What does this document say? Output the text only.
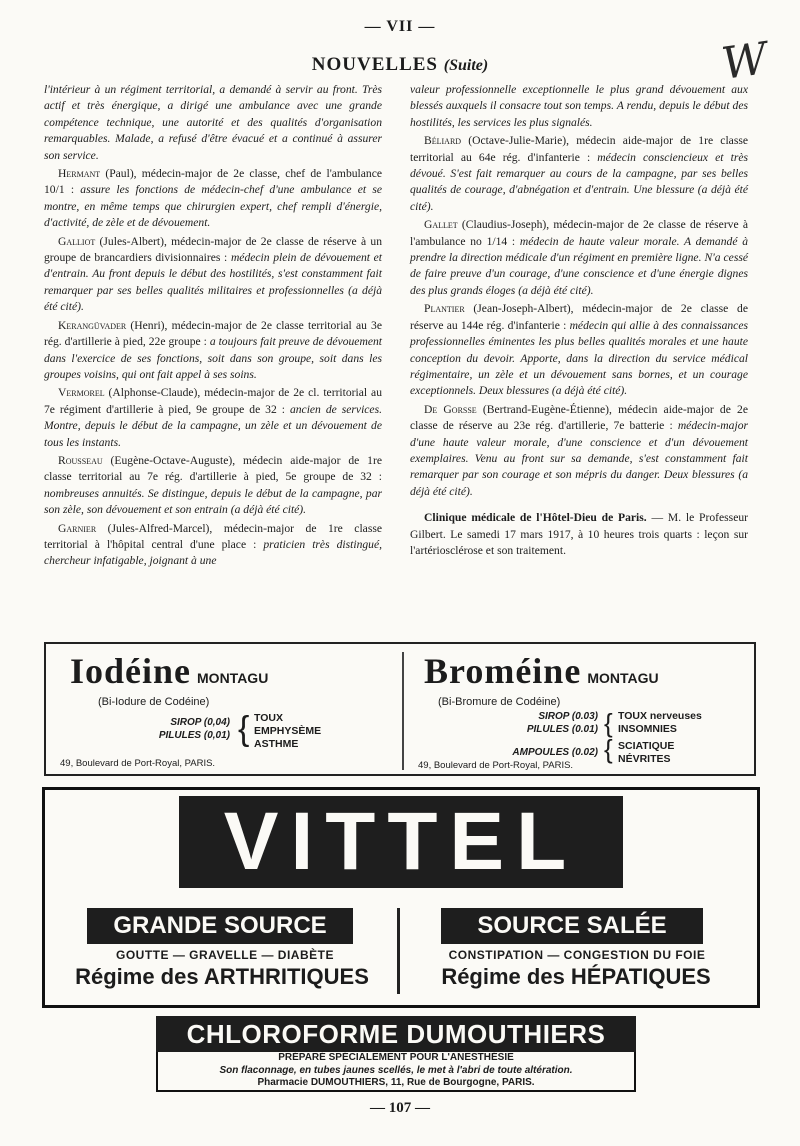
— VII —
W
NOUVELLES (Suite)

l'intérieur à un régiment territorial, a demandé à servir au front. Très actif et très énergique, a dirigé une ambulance avec une grande compétence technique, une autorité et des qualités d'organisation remarquables. Malade, a refusé d'être évacué et a continué à assurer son service.

Hermant (Paul), médecin-major de 2e classe, chef de l'ambulance 10/1 : assure les fonctions de médecin-chef d'une ambulance et se montre, en même temps que chirurgien expert, chef rempli d'énergie, d'activité, de zèle et de dévouement.

Galliot (Jules-Albert), médecin-major de 2e classe de réserve à un groupe de brancardiers divisionnaires : médecin plein de dévouement et d'entrain. Au front depuis le début des hostilités, s'est constamment fait remarquer par ses belles qualités militaires et professionnelles (a déjà été cité).

Kerangüvader (Henri), médecin-major de 2e classe territorial au 3e rég. d'artillerie à pied, 22e groupe : a toujours fait preuve de dévouement dans l'exercice de ses fonctions, soit dans son groupe, soit dans les groupes voisins, qui ont fait appel à ses soins.

Vermorel (Alphonse-Claude), médecin-major de 2e cl. territorial au 7e régiment d'artillerie à pied, 9e groupe de 32 : ancien de services. Montre, depuis le début de la campagne, un zèle et un dévouement de tous les instants.

Rousseau (Eugène-Octave-Auguste), médecin aide-major de 1re classe territorial au 7e rég. d'artillerie à pied, 5e groupe de 32 : nombreuses annuités. Se distingue, depuis le début de la campagne, par son zèle, son dévouement et son entrain (a déjà été cité).

Garnier (Jules-Alfred-Marcel), médecin-major de 1re classe territorial à l'hôpital central d'une place : praticien très distingué, chercheur infatigable, joignant à une

valeur professionnelle exceptionnelle le plus grand dévouement aux blessés auxquels il consacre tout son temps. A rendu, depuis le début des hostilités, les services les plus signalés.

Béliard (Octave-Julie-Marie), médecin aide-major de 1re classe territorial au 64e rég. d'infanterie : médecin consciencieux et très dévoué. S'est fait remarquer au cours de la campagne, par ses belles qualités de courage, d'abnégation et d'entrain. Une blessure (a déjà été cité).

Gallet (Claudius-Joseph), médecin-major de 2e classe de réserve à l'ambulance no 1/14 : médecin de haute valeur morale. A demandé à prendre la direction médicale d'un régiment en première ligne. N'a cessé de faire preuve d'un courage, d'une conscience et d'une énergie dignes des plus grands éloges (a déjà été cité).

Plantier (Jean-Joseph-Albert), médecin-major de 2e classe de réserve au 144e rég. d'infanterie : médecin qui allie à des connaissances professionnelles éminentes les plus belles qualités morales et une haute conception du devoir. Apporte, dans la direction du service médical régimentaire, un zèle et un dévouement sans bornes, et un courage exceptionnels. Deux blessures (a déjà été cité).

De Gorsse (Bertrand-Eugène-Étienne), médecin aide-major de 2e classe de réserve au 23e rég. d'artillerie, 7e batterie : médecin-major d'une haute valeur morale, d'une conscience et d'un dévouement exemplaires. Venu au front sur sa demande, s'est constamment fait remarquer par son courage et son mépris du danger. Deux blessures (a déjà été cité).

Clinique médicale de l'Hôtel-Dieu de Paris. — M. le Professeur Gilbert. Le samedi 17 mars 1917, à 10 heures trois quarts : leçon sur l'artériosclérose et son traitement.

Iodéine MONTAGU
(Bi-Iodure de Codéine)
SIROP (0,04)
PILULES (0,01) { TOUX
EMPHYSÈME
ASTHME
49, Boulevard de Port-Royal, PARIS.
Broméine MONTAGU
(Bi-Bromure de Codéine)
SIROP (0.03)
PILULES (0.01)
AMPOULES (0.02)
{
{
TOUX nerveuses
INSOMNIES
SCIATIQUE
NÉVRITES
49, Boulevard de Port-Royal, PARIS.
VITTEL
GRANDE SOURCE	SOURCE SALÉE
GOUTTE — GRAVELLE — DIABÈTE	CONSTIPATION — CONGESTION DU FOIE
Régime des ARTHRITIQUES	Régime des HÉPATIQUES
CHLOROFORME DUMOUTHIERS
PRÉPARÉ SPÉCIALEMENT POUR L'ANESTHÉSIE
Son flaconnage, en tubes jaunes scellés, le met à l'abri de toute altération.
Pharmacie DUMOUTHIERS, 11, Rue de Bourgogne, PARIS.
— 107 —
